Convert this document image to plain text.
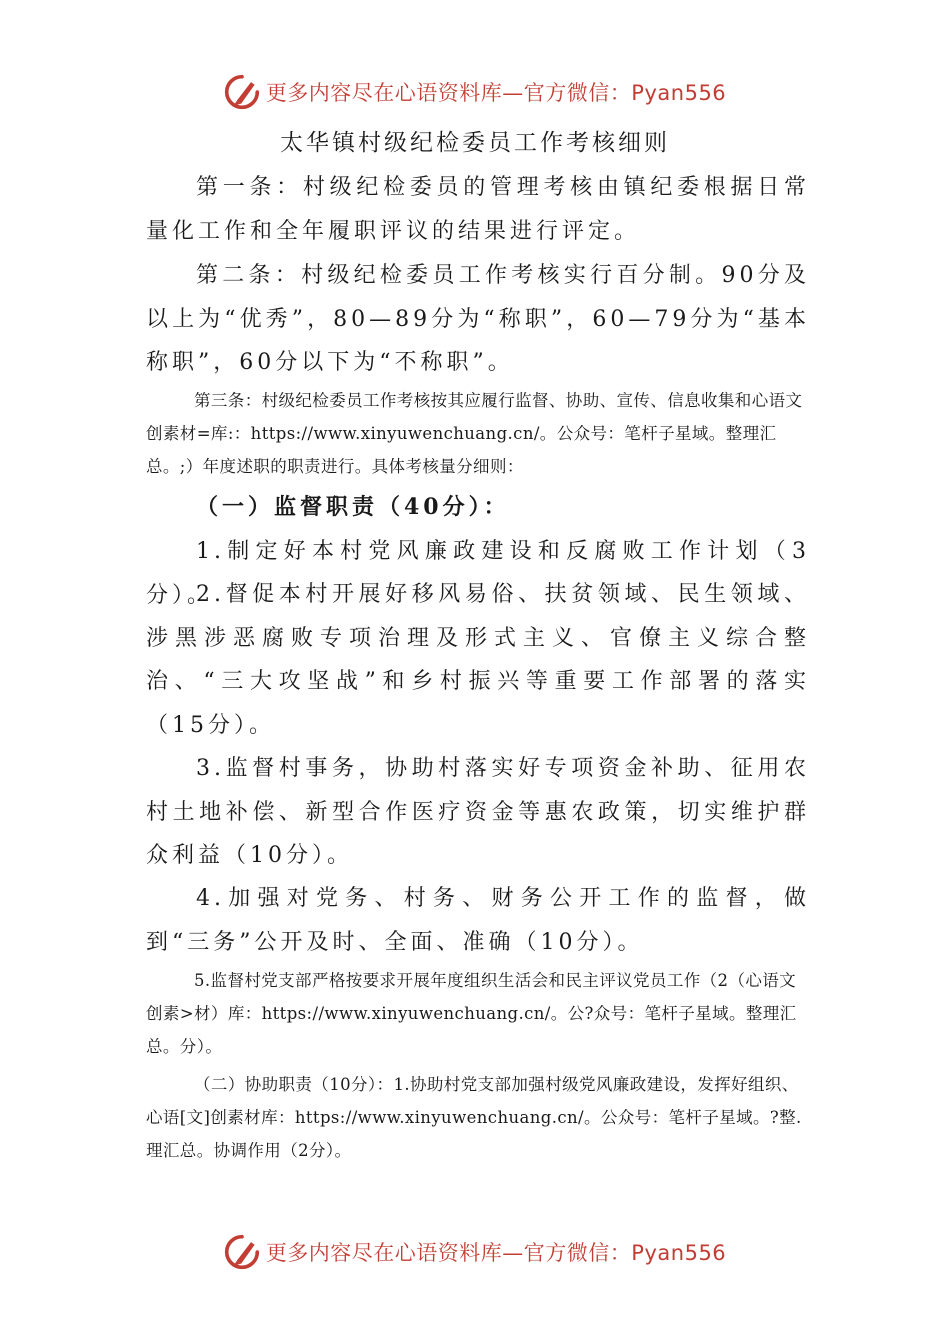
更多内容尽在心语资料库—官方微信：Pyan556
太华镇村级纪检委员工作考核细则

第一条：村级纪检委员的管理考核由镇纪委根据日常量化工作和全年履职评议的结果进行评定。

第二条：村级纪检委员工作考核实行百分制。90分及以上为“优秀”，80—89分为“称职”，60—79分为“基本称职”，60分以下为“不称职”。

第三条：村级纪检委员工作考核按其应履行监督、协助、宣传、信息收集和心语文创素材=库:：https://www.xinyuwenchuang.cn/。公众号：笔杆子星域。整理汇总。;）年度述职的职责进行。具体考核量分细则：

（一）监督职责（40分）：

1.制定好本村党风廉政建设和反腐败工作计划（3分）。

2.督促本村开展好移风易俗、扶贫领域、民生领域、涉黑涉恶腐败专项治理及形式主义、官僚主义综合整治、“三大攻坚战”和乡村振兴等重要工作部署的落实（15分）。

3.监督村事务，协助村落实好专项资金补助、征用农村土地补偿、新型合作医疗资金等惠农政策，切实维护群众利益（10分）。

4.加强对党务、村务、财务公开工作的监督，做到“三务”公开及时、全面、准确（10分）。

5.监督村党支部严格按要求开展年度组织生活会和民主评议党员工作（2（心语文创素>材）库：https://www.xinyuwenchuang.cn/。公?众号：笔杆子星域。整理汇总。分）。

（二）协助职责（10分）：1.协助村党支部加强村级党风廉政建设，发挥好组织、心语[文]创素材库：https://www.xinyuwenchuang.cn/。公众号：笔杆子星域。?整.理汇总。协调作用（2分）。

更多内容尽在心语资料库—官方微信：Pyan556
